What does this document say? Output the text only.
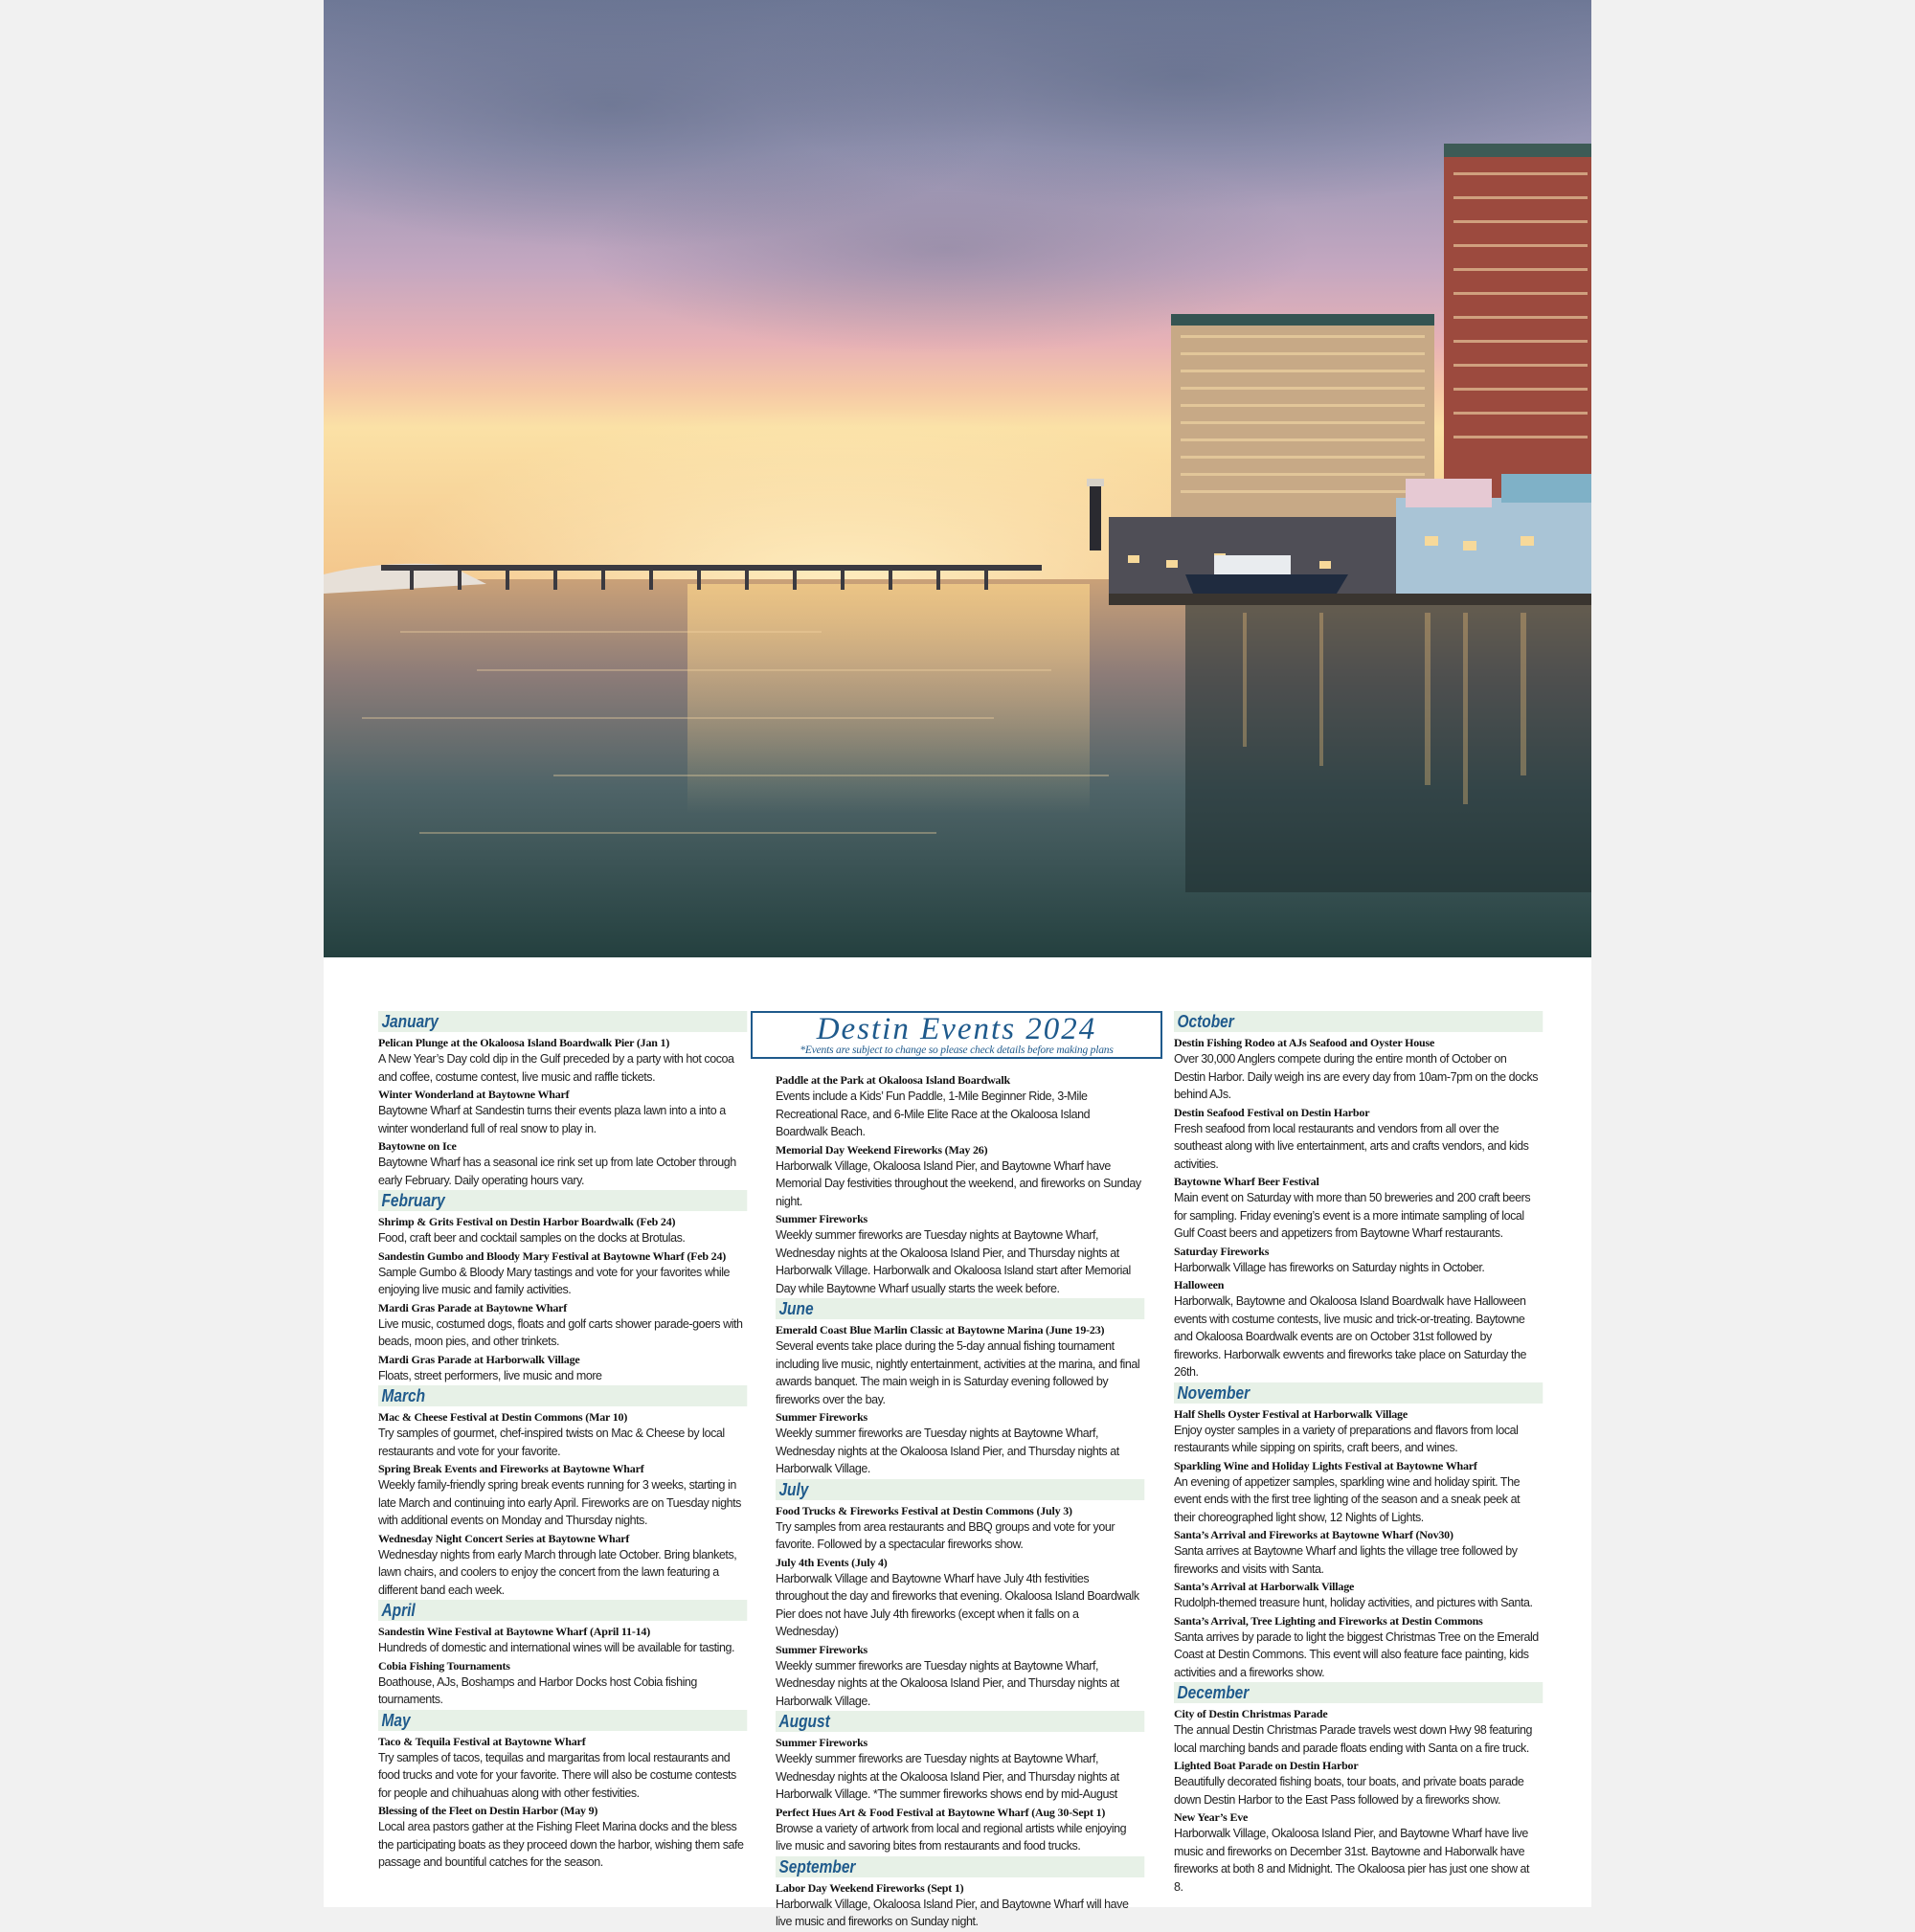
January
Pelican Plunge at the Okaloosa Island Boardwalk Pier (Jan 1)
A New Year’s Day cold dip in the Gulf preceded by a party with hot cocoa and coffee, costume contest, live music and raffle tickets.
Winter Wonderland at Baytowne Wharf
Baytowne Wharf at Sandestin turns their events plaza lawn into a into a winter wonderland full of real snow to play in.
Baytowne on Ice
Baytowne Wharf has a seasonal ice rink set up from late October through early February. Daily operating hours vary.
February
Shrimp & Grits Festival on Destin Harbor Boardwalk (Feb 24)
Food, craft beer and cocktail samples on the docks at Brotulas.
Sandestin Gumbo and Bloody Mary Festival at Baytowne Wharf (Feb 24)
Sample Gumbo & Bloody Mary tastings and vote for your favorites while enjoying live music and family activities.
Mardi Gras Parade at Baytowne Wharf
Live music, costumed dogs, floats and golf carts shower parade-goers with beads, moon pies, and other trinkets.
Mardi Gras Parade at Harborwalk Village
Floats, street performers, live music and more
March
Mac & Cheese Festival at Destin Commons (Mar 10)
Try samples of gourmet, chef-inspired twists on Mac & Cheese by local restaurants and vote for your favorite.
Spring Break Events and Fireworks at Baytowne Wharf
Weekly family-friendly spring break events running for 3 weeks, starting in late March and continuing into early April. Fireworks are on Tuesday nights with additional events on Monday and Thursday nights.
Wednesday Night Concert Series at Baytowne Wharf
Wednesday nights from early March through late October. Bring blankets, lawn chairs, and coolers to enjoy the concert from the lawn featuring a different band each week.
April
Sandestin Wine Festival at Baytowne Wharf (April 11-14)
Hundreds of domestic and international wines will be available for tasting.
Cobia Fishing Tournaments
Boathouse, AJs, Boshamps and Harbor Docks host Cobia fishing tournaments.
May
Taco & Tequila Festival at Baytowne Wharf
Try samples of tacos, tequilas and margaritas from local restaurants and food trucks and vote for your favorite. There will also be costume contests for people and chihuahuas along with other festivities.
Blessing of the Fleet on Destin Harbor (May 9)
Local area pastors gather at the Fishing Fleet Marina docks and the bless the participating boats as they proceed down the harbor, wishing them safe passage and bountiful catches for the season.
Destin Events 2024
*Events are subject to change so please check details before making plans
Paddle at the Park at Okaloosa Island Boardwalk
Events include a Kids’ Fun Paddle, 1-Mile Beginner Ride, 3-Mile Recreational Race, and 6-Mile Elite Race at the Okaloosa Island Boardwalk Beach.
Memorial Day Weekend Fireworks (May 26)
Harborwalk Village, Okaloosa Island Pier, and Baytowne Wharf have Memorial Day festivities throughout the weekend, and fireworks on Sunday night.
Summer Fireworks
Weekly summer fireworks are Tuesday nights at Baytowne Wharf, Wednesday nights at the Okaloosa Island Pier, and Thursday nights at Harborwalk Village. Harborwalk and Okaloosa Island start after Memorial Day while Baytowne Wharf usually starts the week before.
June
Emerald Coast Blue Marlin Classic at Baytowne Marina (June 19-23)
Several events take place during the 5-day annual fishing tournament including live music, nightly entertainment, activities at the marina, and final awards banquet. The main weigh in is Saturday evening followed by fireworks over the bay.
Summer Fireworks
Weekly summer fireworks are Tuesday nights at Baytowne Wharf, Wednesday nights at the Okaloosa Island Pier, and Thursday nights at Harborwalk Village.
July
Food Trucks & Fireworks Festival at Destin Commons (July 3)
Try samples from area restaurants and BBQ groups and vote for your favorite. Followed by a spectacular fireworks show.
July 4th Events (July 4)
Harborwalk Village and Baytowne Wharf have July 4th festivities throughout the day and fireworks that evening. Okaloosa Island Boardwalk Pier does not have July 4th fireworks (except when it falls on a Wednesday)
Summer Fireworks
Weekly summer fireworks are Tuesday nights at Baytowne Wharf, Wednesday nights at the Okaloosa Island Pier, and Thursday nights at Harborwalk Village.
August
Summer Fireworks
Weekly summer fireworks are Tuesday nights at Baytowne Wharf, Wednesday nights at the Okaloosa Island Pier, and Thursday nights at Harborwalk Village. *The summer fireworks shows end by mid-August
Perfect Hues Art & Food Festival at Baytowne Wharf (Aug 30-Sept 1)
Browse a variety of artwork from local and regional artists while enjoying live music and savoring bites from restaurants and food trucks.
September
Labor Day Weekend Fireworks (Sept 1)
Harborwalk Village, Okaloosa Island Pier, and Baytowne Wharf will have live music and fireworks on Sunday night.
October
Destin Fishing Rodeo at AJs Seafood and Oyster House
Over 30,000 Anglers compete during the entire month of October on Destin Harbor. Daily weigh ins are every day from 10am-7pm on the docks behind AJs.
Destin Seafood Festival on Destin Harbor
Fresh seafood from local restaurants and vendors from all over the southeast along with live entertainment, arts and crafts vendors, and kids activities.
Baytowne Wharf Beer Festival
Main event on Saturday with more than 50 breweries and 200 craft beers for sampling. Friday evening’s event is a more intimate sampling of local Gulf Coast beers and appetizers from Baytowne Wharf restaurants.
Saturday Fireworks
Harborwalk Village has fireworks on Saturday nights in October.
Halloween
Harborwalk, Baytowne and Okaloosa Island Boardwalk have Halloween events with costume contests, live music and trick-or-treating. Baytowne and Okaloosa Boardwalk events are on October 31st followed by fireworks. Harborwalk ewvents and fireworks take place on Saturday the 26th.
November
Half Shells Oyster Festival at Harborwalk Village
Enjoy oyster samples in a variety of preparations and flavors from local restaurants while sipping on spirits, craft beers, and wines.
Sparkling Wine and Holiday Lights Festival at Baytowne Wharf
An evening of appetizer samples, sparkling wine and holiday spirit. The event ends with the first tree lighting of the season and a sneak peek at their choreographed light show, 12 Nights of Lights.
Santa’s Arrival and Fireworks at Baytowne Wharf (Nov30)
Santa arrives at Baytowne Wharf and lights the village tree followed by fireworks and visits with Santa.
Santa’s Arrival at Harborwalk Village
Rudolph-themed treasure hunt, holiday activities, and pictures with Santa.
Santa’s Arrival, Tree Lighting and Fireworks at Destin Commons
Santa arrives by parade to light the biggest Christmas Tree on the Emerald Coast at Destin Commons. This event will also feature face painting, kids activities and a fireworks show.
December
City of Destin Christmas Parade
The annual Destin Christmas Parade travels west down Hwy 98 featuring local marching bands and parade floats ending with Santa on a fire truck.
Lighted Boat Parade on Destin Harbor
Beautifully decorated fishing boats, tour boats, and private boats parade down Destin Harbor to the East Pass followed by a fireworks show.
New Year’s Eve
Harborwalk Village, Okaloosa Island Pier, and Baytowne Wharf have live music and fireworks on December 31st. Baytowne and Haborwalk have fireworks at both 8 and Midnight. The Okaloosa pier has just one show at 8.
